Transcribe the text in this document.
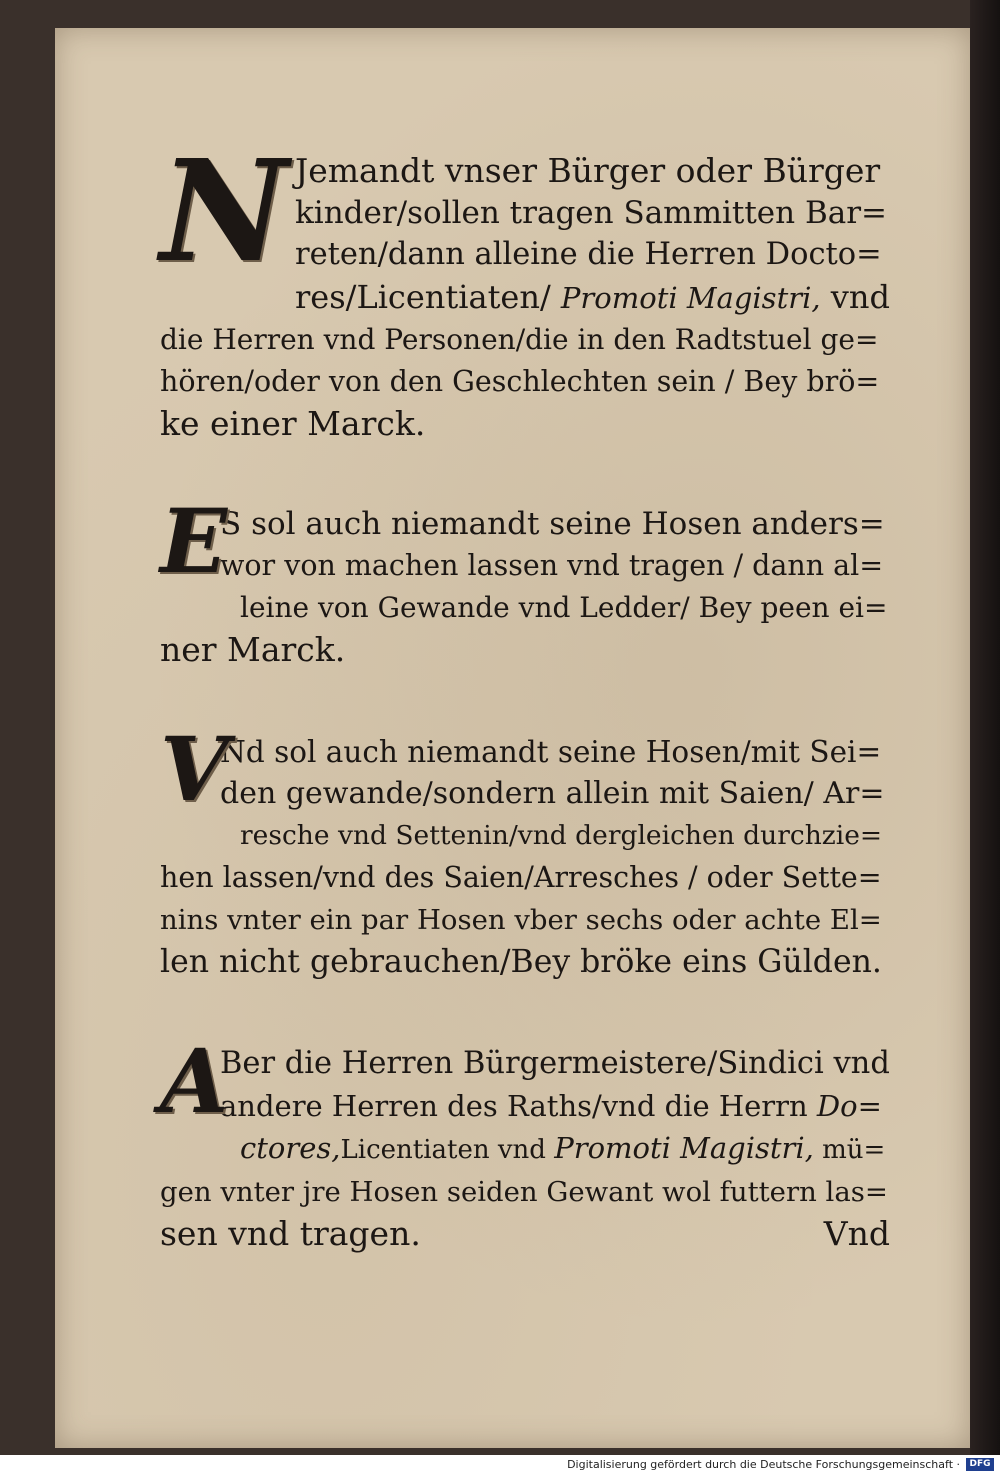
N Jemandt vnser Bürger oder Bürger
kinder/sollen tragen Sammitten Bar=
reten/dann alleine die Herren Docto=
res/Licentiaten/ Promoti Magistri, vnd
die Herren vnd Personen/die in den Radtstuel ge=
hören/oder von den Geschlechten sein / Bey brö=
ke einer Marck.
E
S sol auch niemandt seine Hosen anders=
wor von machen lassen vnd tragen / dann al=
leine von Gewande vnd Ledder/ Bey peen ei=
ner Marck.
V
Nd sol auch niemandt seine Hosen/mit Sei=
den gewande/sondern allein mit Saien/ Ar=
resche vnd Settenin/vnd dergleichen durchzie=
hen lassen/vnd des Saien/Arresches / oder Sette=
nins vnter ein par Hosen vber sechs oder achte El=
len nicht gebrauchen/Bey bröke eins Gülden.
A
Ber die Herren Bürgermeistere/Sindici vnd
andere Herren des Raths/vnd die Herrn Do=
ctores,Licentiaten vnd Promoti Magistri, mü=
gen vnter jre Hosen seiden Gewant wol futtern las=
sen vnd tragen.	Vnd
Digitalisierung gefördert durch die Deutsche Forschungsgemeinschaft ·	DFG
